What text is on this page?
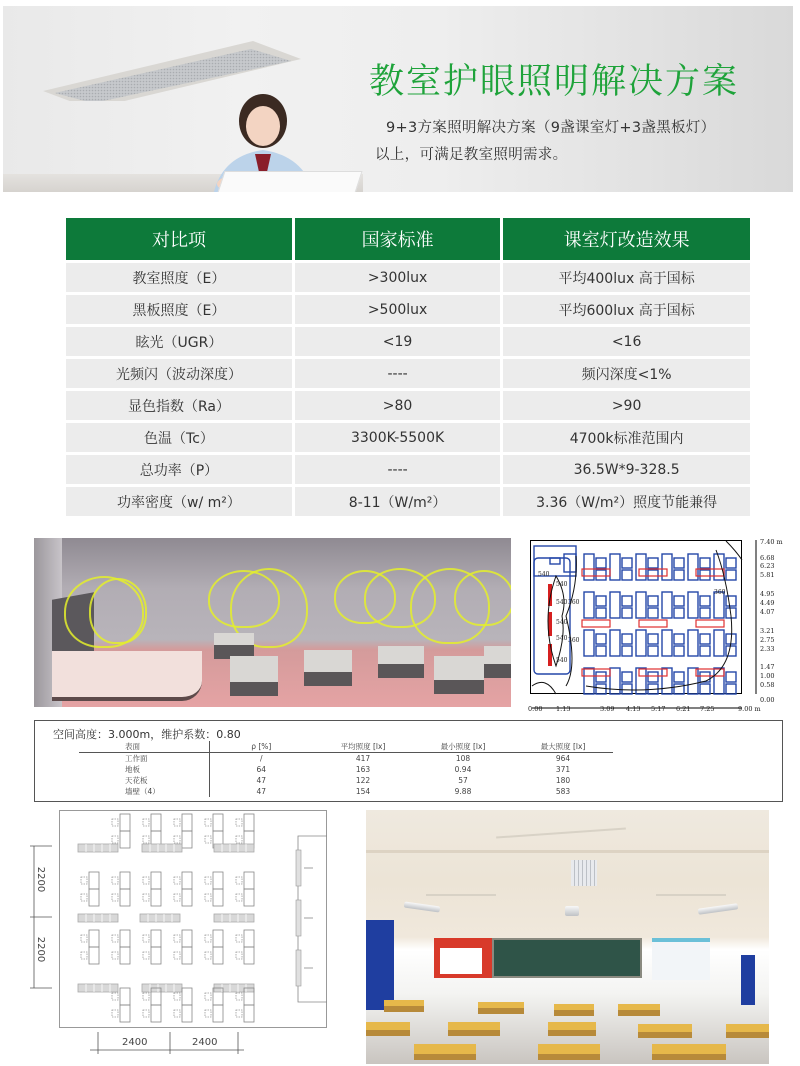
教室护眼照明解决方案
9+3方案照明解决方案（9盏课室灯+3盏黑板灯）
以上，可满足教室照明需求。
对比项	国家标准	课室灯改造效果
教室照度（E）	>300lux	平均400lux 高于国标
黑板照度（E）	>500lux	平均600lux 高于国标
眩光（UGR）	<19	<16
光频闪（波动深度）	----	频闪深度<1%
显色指数（Ra）	>80	>90
色温（Tc）	3300K-5500K	4700k标准范围内
总功率（P）	----	36.5W*9-328.5
功率密度（w/ m²）	8-11（W/m²）	3.36（W/m²）照度节能兼得
540
540
540
540
540
540
360
360
360
7.40 m
6.68
6.23
5.81
4.95
4.49
4.07
3.21
2.75
2.33
1.47
1.00
0.58
0.00
0.00 1.13	3.09 4.13 5.17 6.21 7.25	9.00 m
空间高度：3.000m，维护系数：0.80
表面	ρ [%]	平均照度 [lx]	最小照度 [lx]	最大照度 [lx]
工作面	/	417	108	964
地板	64	163	0.94	371
天花板	47	122	57	180
墙壁（4）	47	154	9.88	583
2200
2200
2400	2400
